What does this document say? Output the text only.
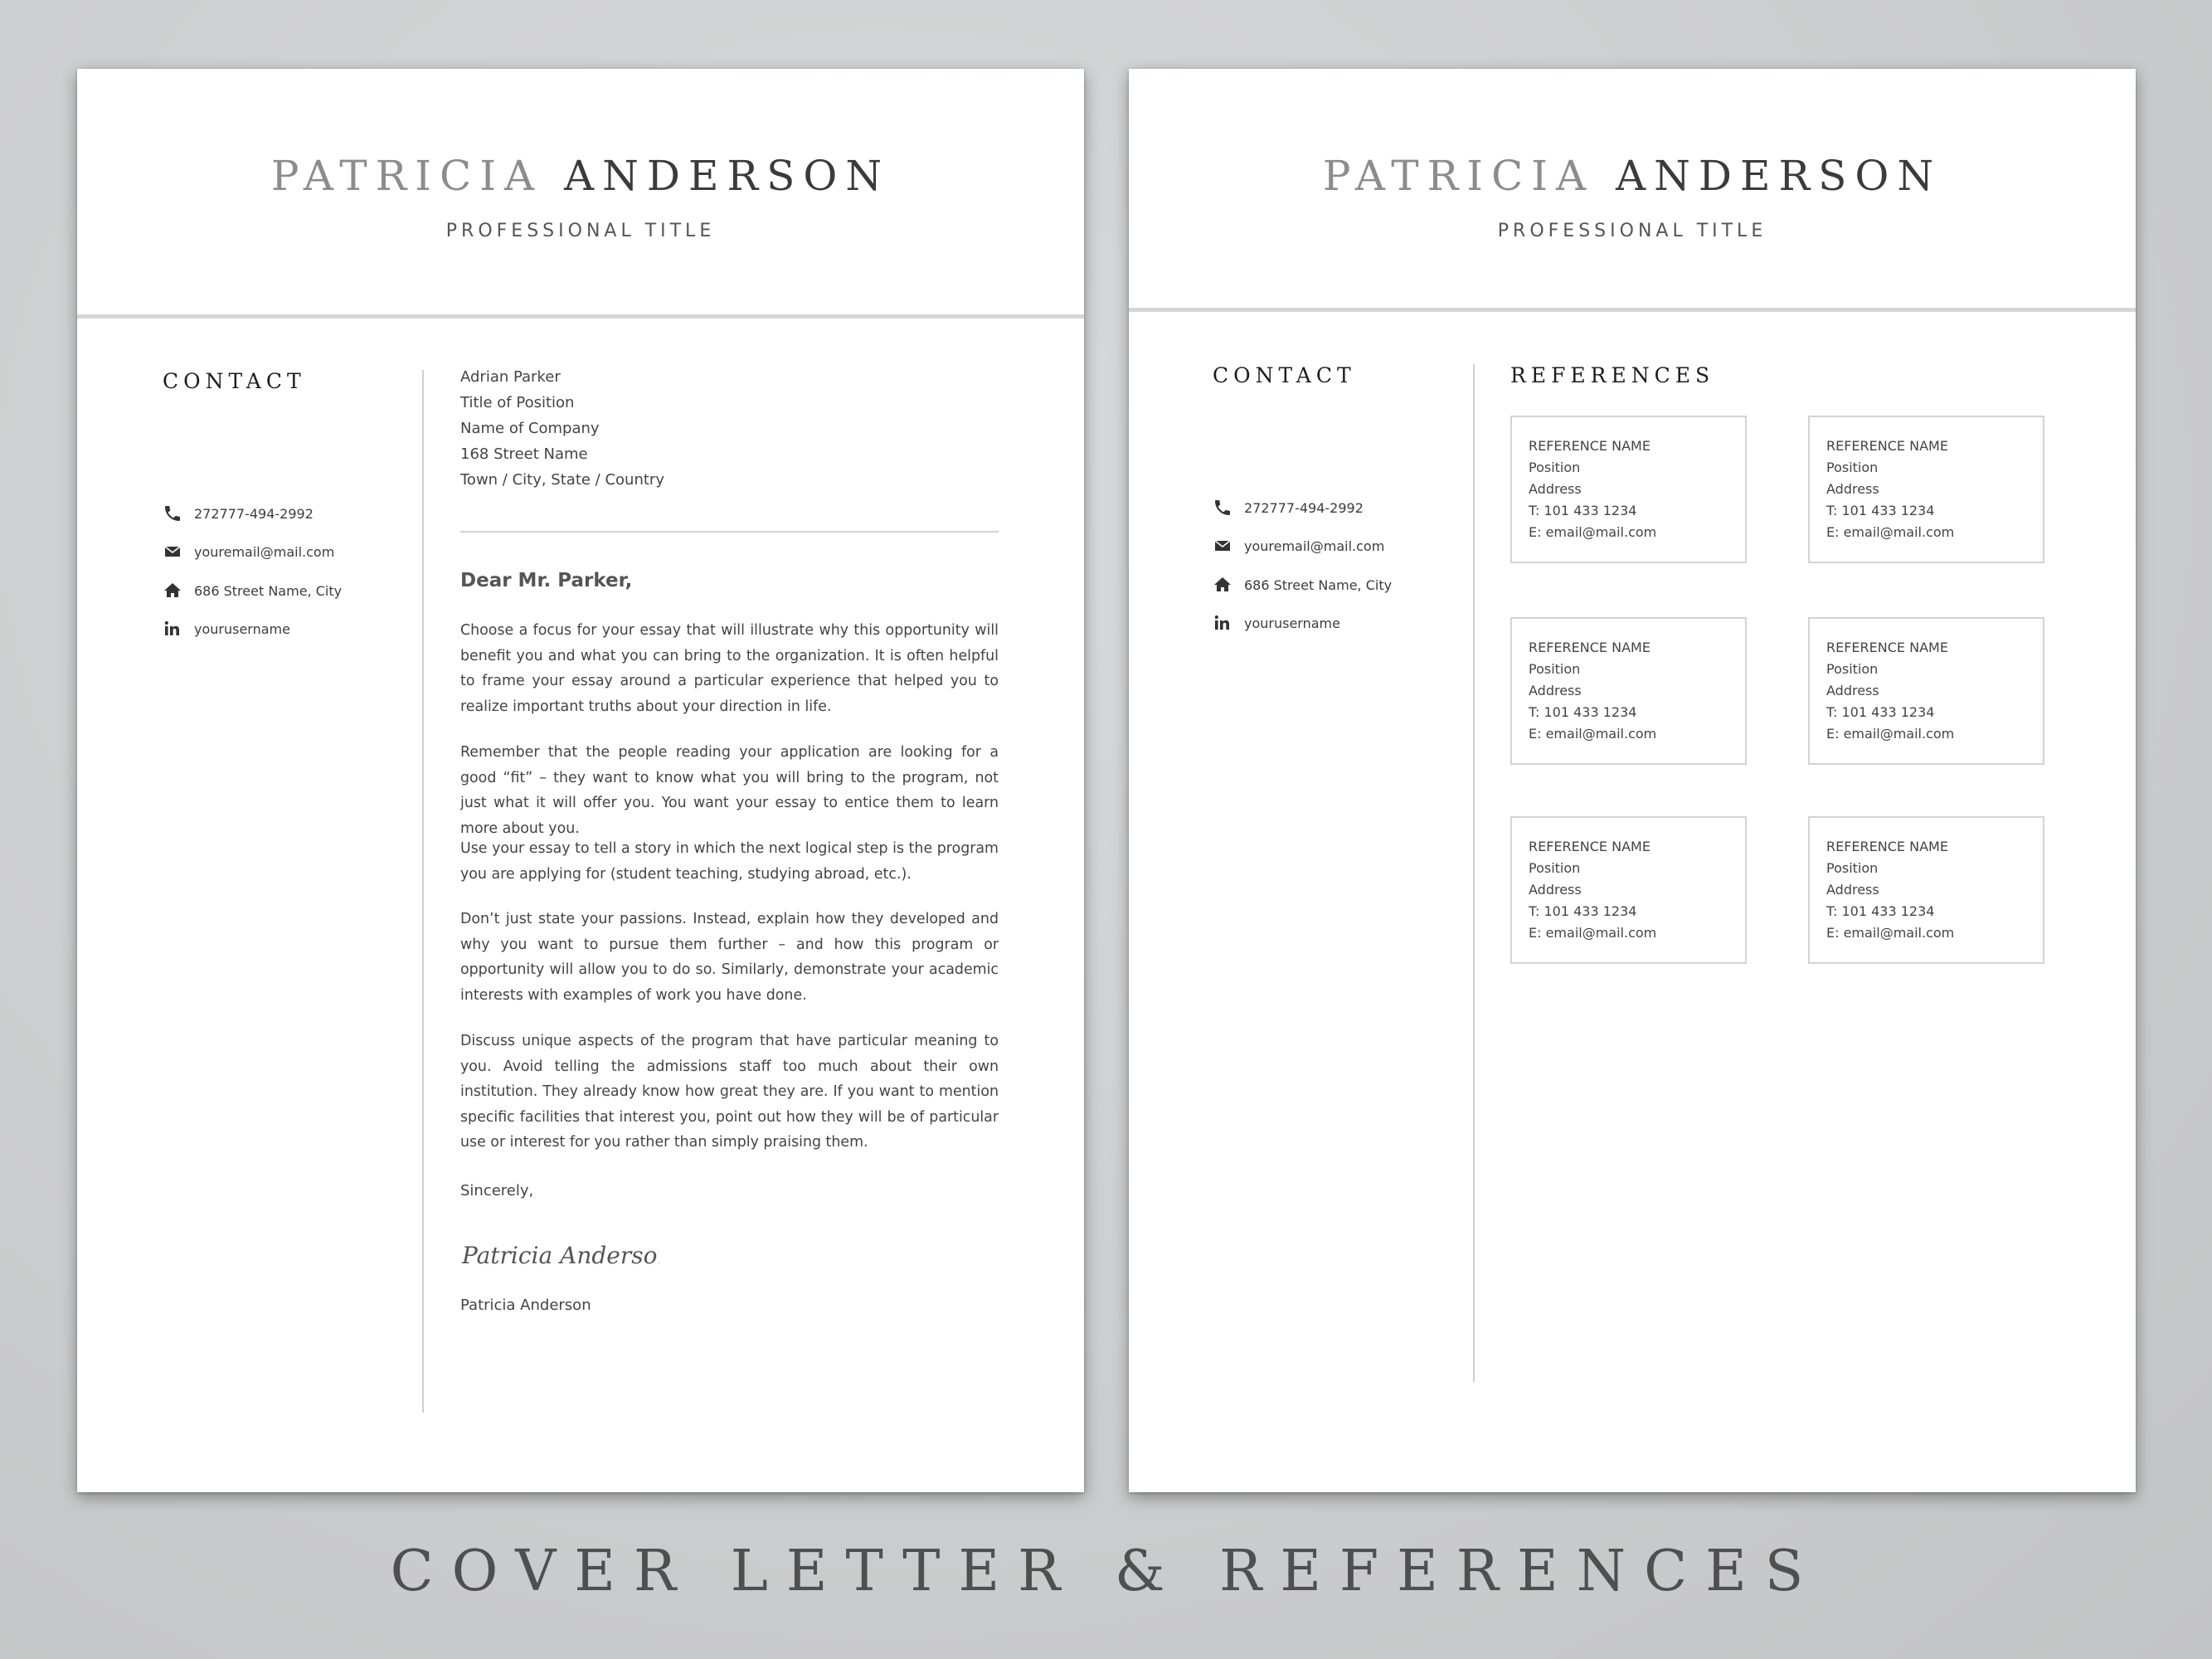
PATRICIA ANDERSON
PROFESSIONAL TITLE
CONTACT
272777-494-2992
youremail@mail.com
686 Street Name, City
yourusername
Adrian Parker
Title of Position
Name of Company
168 Street Name
Town / City, State / Country
Dear Mr. Parker,

Choose a focus for your essay that will illustrate why this opportunity will benefit you and what you can bring to the organization. It is often helpful to frame your essay around a particular experience that helped you to realize important truths about your direction in life.

Remember that the people reading your application are looking for a good “fit” – they want to know what you will bring to the program, not just what it will offer you. You want your essay to entice them to learn more about you.

Use your essay to tell a story in which the next logical step is the program you are applying for (student teaching, studying abroad, etc.).

Don’t just state your passions. Instead, explain how they developed and why you want to pursue them further – and how this program or opportunity will allow you to do so. Similarly, demonstrate your academic interests with examples of work you have done.

Discuss unique aspects of the program that have particular meaning to you. Avoid telling the admissions staff too much about their own institution. They already know how great they are. If you want to mention specific facilities that interest you, point out how they will be of particular use or interest for you rather than simply praising them.

Sincerely,
Patricia Anderson
Patricia Anderson
PATRICIA ANDERSON
PROFESSIONAL TITLE
CONTACT
272777-494-2992
youremail@mail.com
686 Street Name, City
yourusername
REFERENCES
REFERENCE NAME
Position
Address
T: 101 433 1234
E: email@mail.com
REFERENCE NAME
Position
Address
T: 101 433 1234
E: email@mail.com
REFERENCE NAME
Position
Address
T: 101 433 1234
E: email@mail.com
REFERENCE NAME
Position
Address
T: 101 433 1234
E: email@mail.com
REFERENCE NAME
Position
Address
T: 101 433 1234
E: email@mail.com
REFERENCE NAME
Position
Address
T: 101 433 1234
E: email@mail.com
COVER LETTER & REFERENCES
